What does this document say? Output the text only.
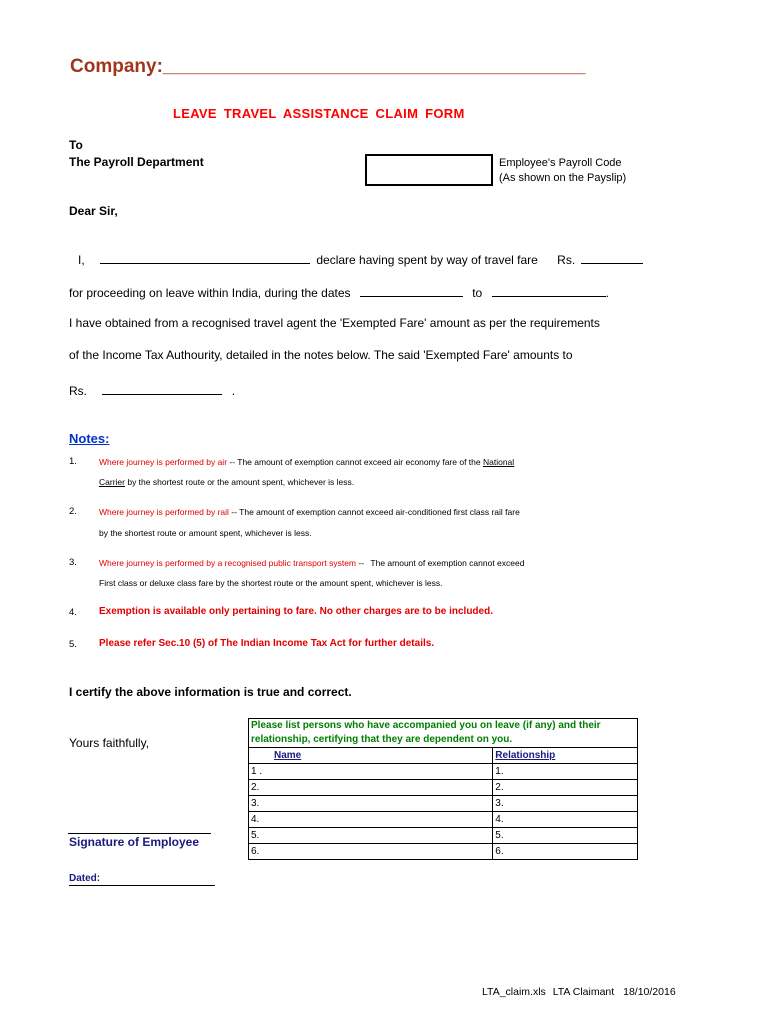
Company:________________________________________
LEAVE TRAVEL ASSISTANCE CLAIM FORM
To
The Payroll Department	Employee's Payroll Code
(As shown on the Payslip)
Dear Sir,
I,	declare having spent by way of travel fare Rs.
for proceeding on leave within India, during the dates	to	.
I have obtained from a recognised travel agent the 'Exempted Fare' amount as per the requirements
of the Income Tax Authourity, detailed in the notes below. The said 'Exempted Fare' amounts to
Rs.	.
Notes:
1.	Where journey is performed by air -- The amount of exemption cannot exceed air economy fare of the National
Carrier by the shortest route or the amount spent, whichever is less.
2.	Where journey is performed by rail -- The amount of exemption cannot exceed air-conditioned first class rail fare
by the shortest route or amount spent, whichever is less.
3.	Where journey is performed by a recognised public transport system -- The amount of exemption cannot exceed
First class or deluxe class fare by the shortest route or the amount spent, whichever is less.
4. Exemption is available only pertaining to fare. No other charges are to be included.
5. Please refer Sec.10 (5) of The Indian Income Tax Act for further details.
I certify the above information is true and correct.
Yours faithfully,
Signature of Employee
Dated:
Please list persons who have accompanied you on leave (if any) and their relationship, certifying that they are dependent on you.	
Name	Relationship
1 .	1.
2.	2.
3.	3.
4.	4.
5.	5.
6.	6.
LTA_claim.xls LTA Claimant 18/10/2016
